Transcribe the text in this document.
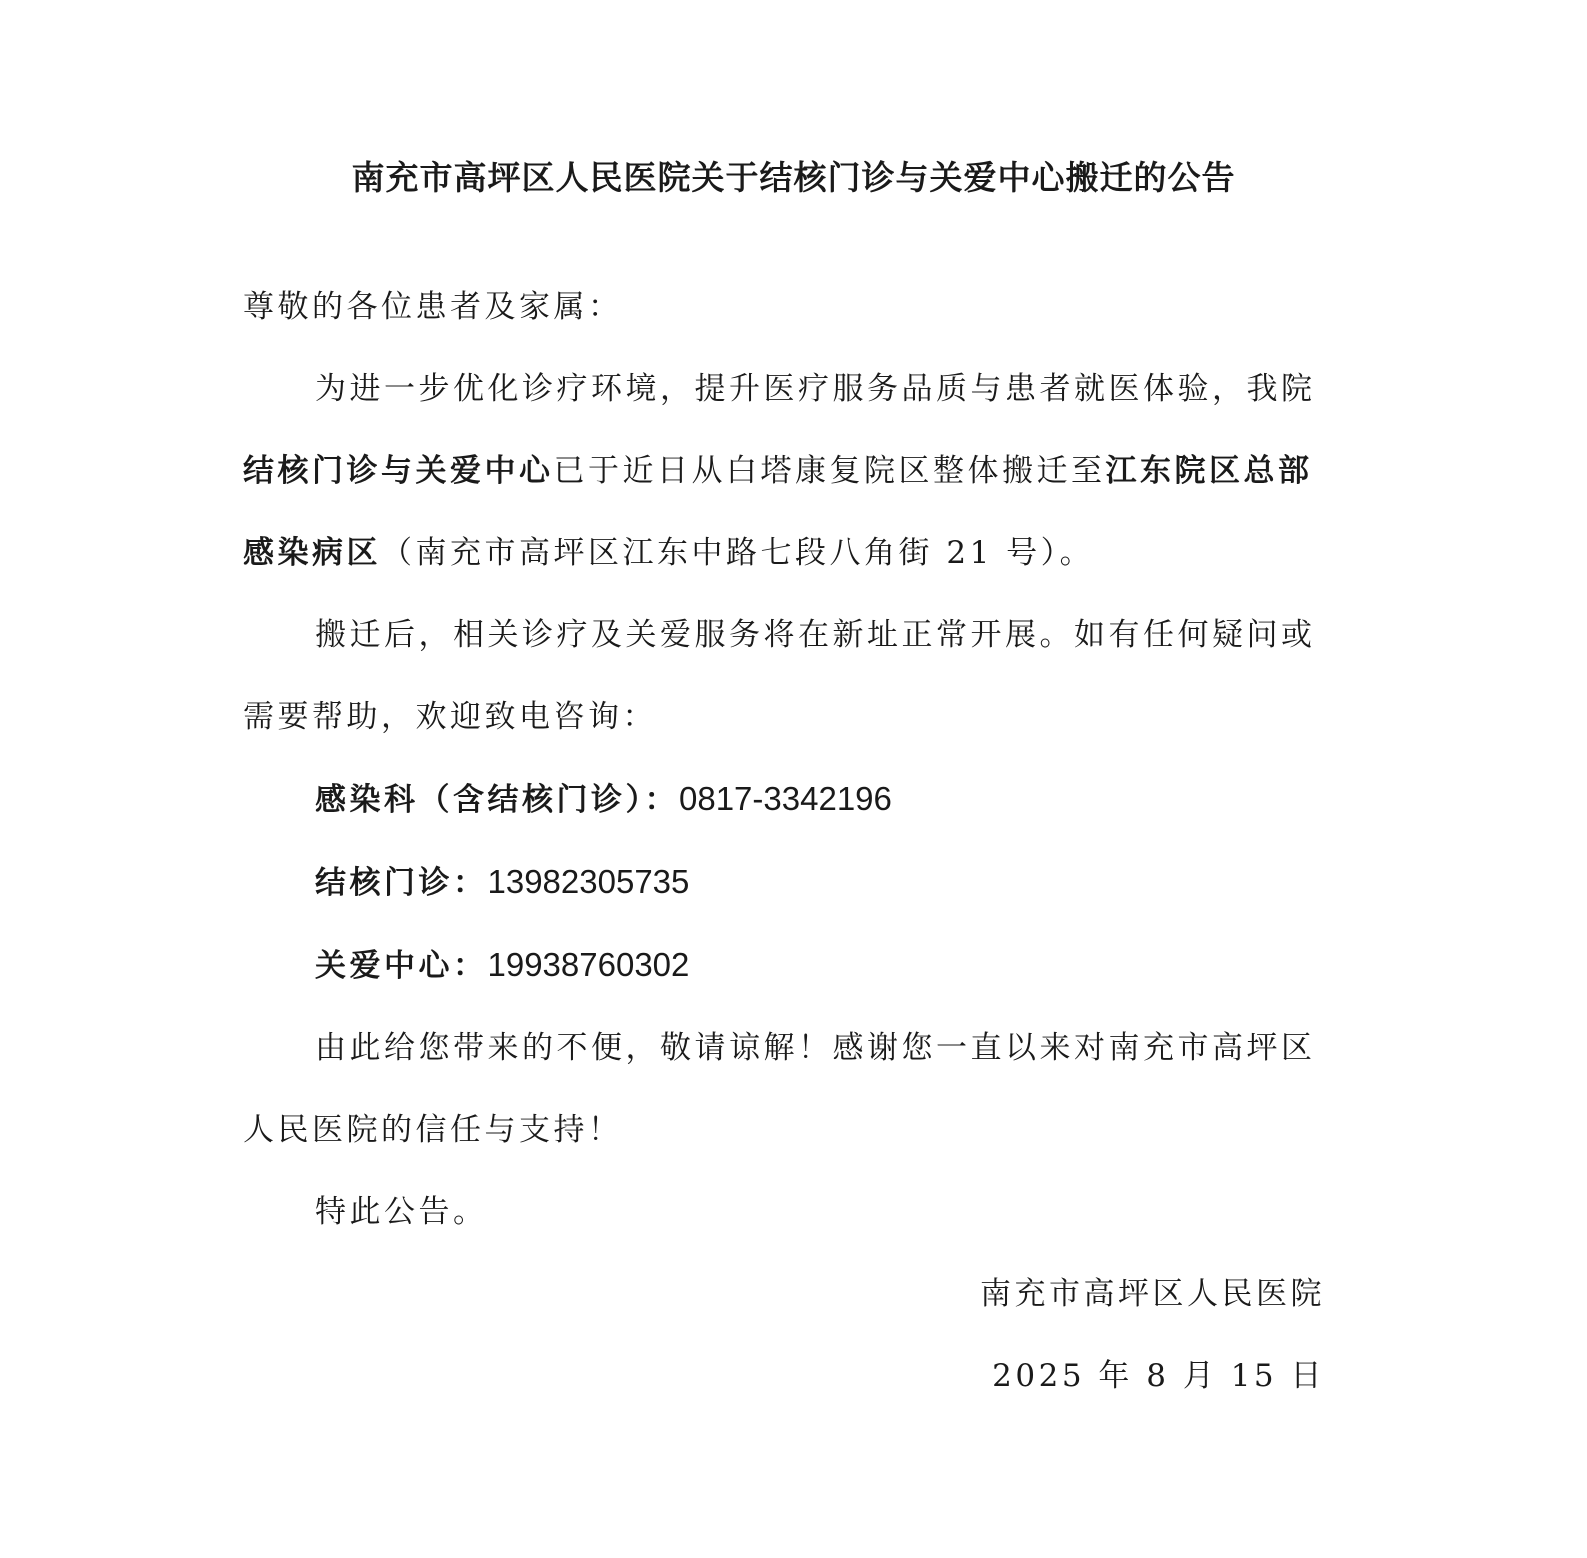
南充市高坪区人民医院关于结核门诊与关爱中心搬迁的公告

尊敬的各位患者及家属：

为进一步优化诊疗环境，提升医疗服务品质与患者就医体验，我院结核门诊与关爱中心已于近日从白塔康复院区整体搬迁至江东院区总部感染病区（南充市高坪区江东中路七段八角街 21 号）。

搬迁后，相关诊疗及关爱服务将在新址正常开展。如有任何疑问或需要帮助，欢迎致电咨询：

感染科（含结核门诊）：0817-3342196

结核门诊：13982305735

关爱中心：19938760302

由此给您带来的不便，敬请谅解！感谢您一直以来对南充市高坪区人民医院的信任与支持！

特此公告。

南充市高坪区人民医院

2025 年 8 月 15 日
